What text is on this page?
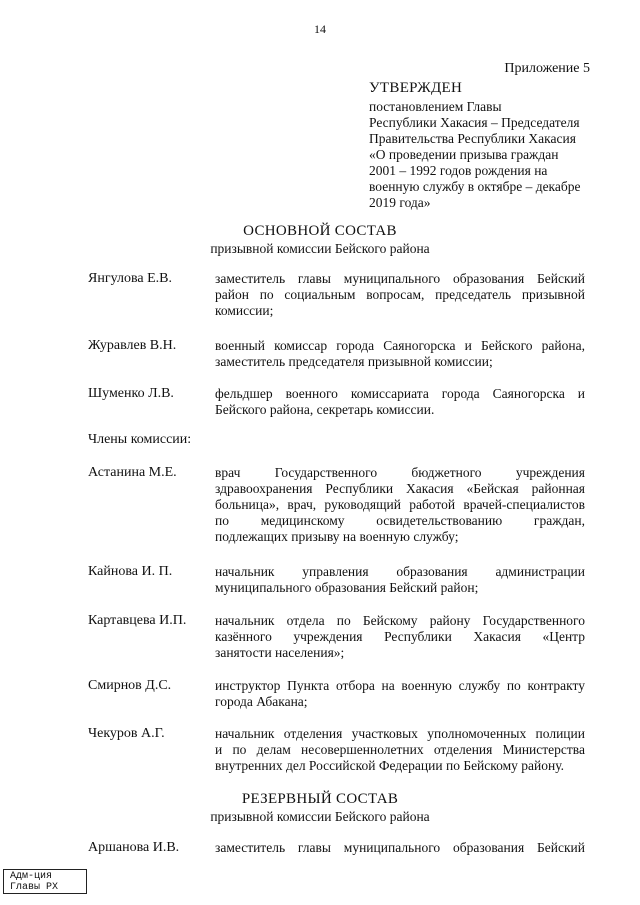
14
Приложение 5
УТВЕРЖДЕН
постановлением Главы
Республики Хакасия – Председателя
Правительства Республики Хакасия
«О проведении призыва граждан
2001 – 1992 годов рождения на
военную службу в октябре – декабре
2019 года»
ОСНОВНОЙ СОСТАВ
призывной комиссии Бейского района
Янгулова Е.В.	заместитель главы муниципального образования Бейский
район по социальным вопросам, председатель призывной
комиссии;
Журавлев В.Н.	военный комиссар города Саяногорска и Бейского района,
заместитель председателя призывной комиссии;
Шуменко Л.В.	фельдшер военного комиссариата города Саяногорска и
Бейского района, секретарь комиссии.
Члены комиссии:
Астанина М.Е.	врач Государственного бюджетного учреждения
здравоохранения Республики Хакасия «Бейская районная
больница», врач, руководящий работой врачей-специалистов
по медицинскому освидетельствованию граждан,
подлежащих призыву на военную службу;
Кайнова И. П.	начальник управления образования администрации
муниципального образования Бейский район;
Картавцева И.П. начальник отдела по Бейскому району Государственного
казённого учреждения Республики Хакасия «Центр
занятости населения»;
Смирнов Д.С.	инструктор Пункта отбора на военную службу по контракту
города Абакана;
Чекуров А.Г.	начальник отделения участковых уполномоченных полиции
и по делам несовершеннолетних отделения Министерства
внутренних дел Российской Федерации по Бейскому району.
РЕЗЕРВНЫЙ СОСТАВ
призывной комиссии Бейского района
Аршанова И.В.	заместитель главы муниципального образования Бейский
Адм-ция
Главы РХ
